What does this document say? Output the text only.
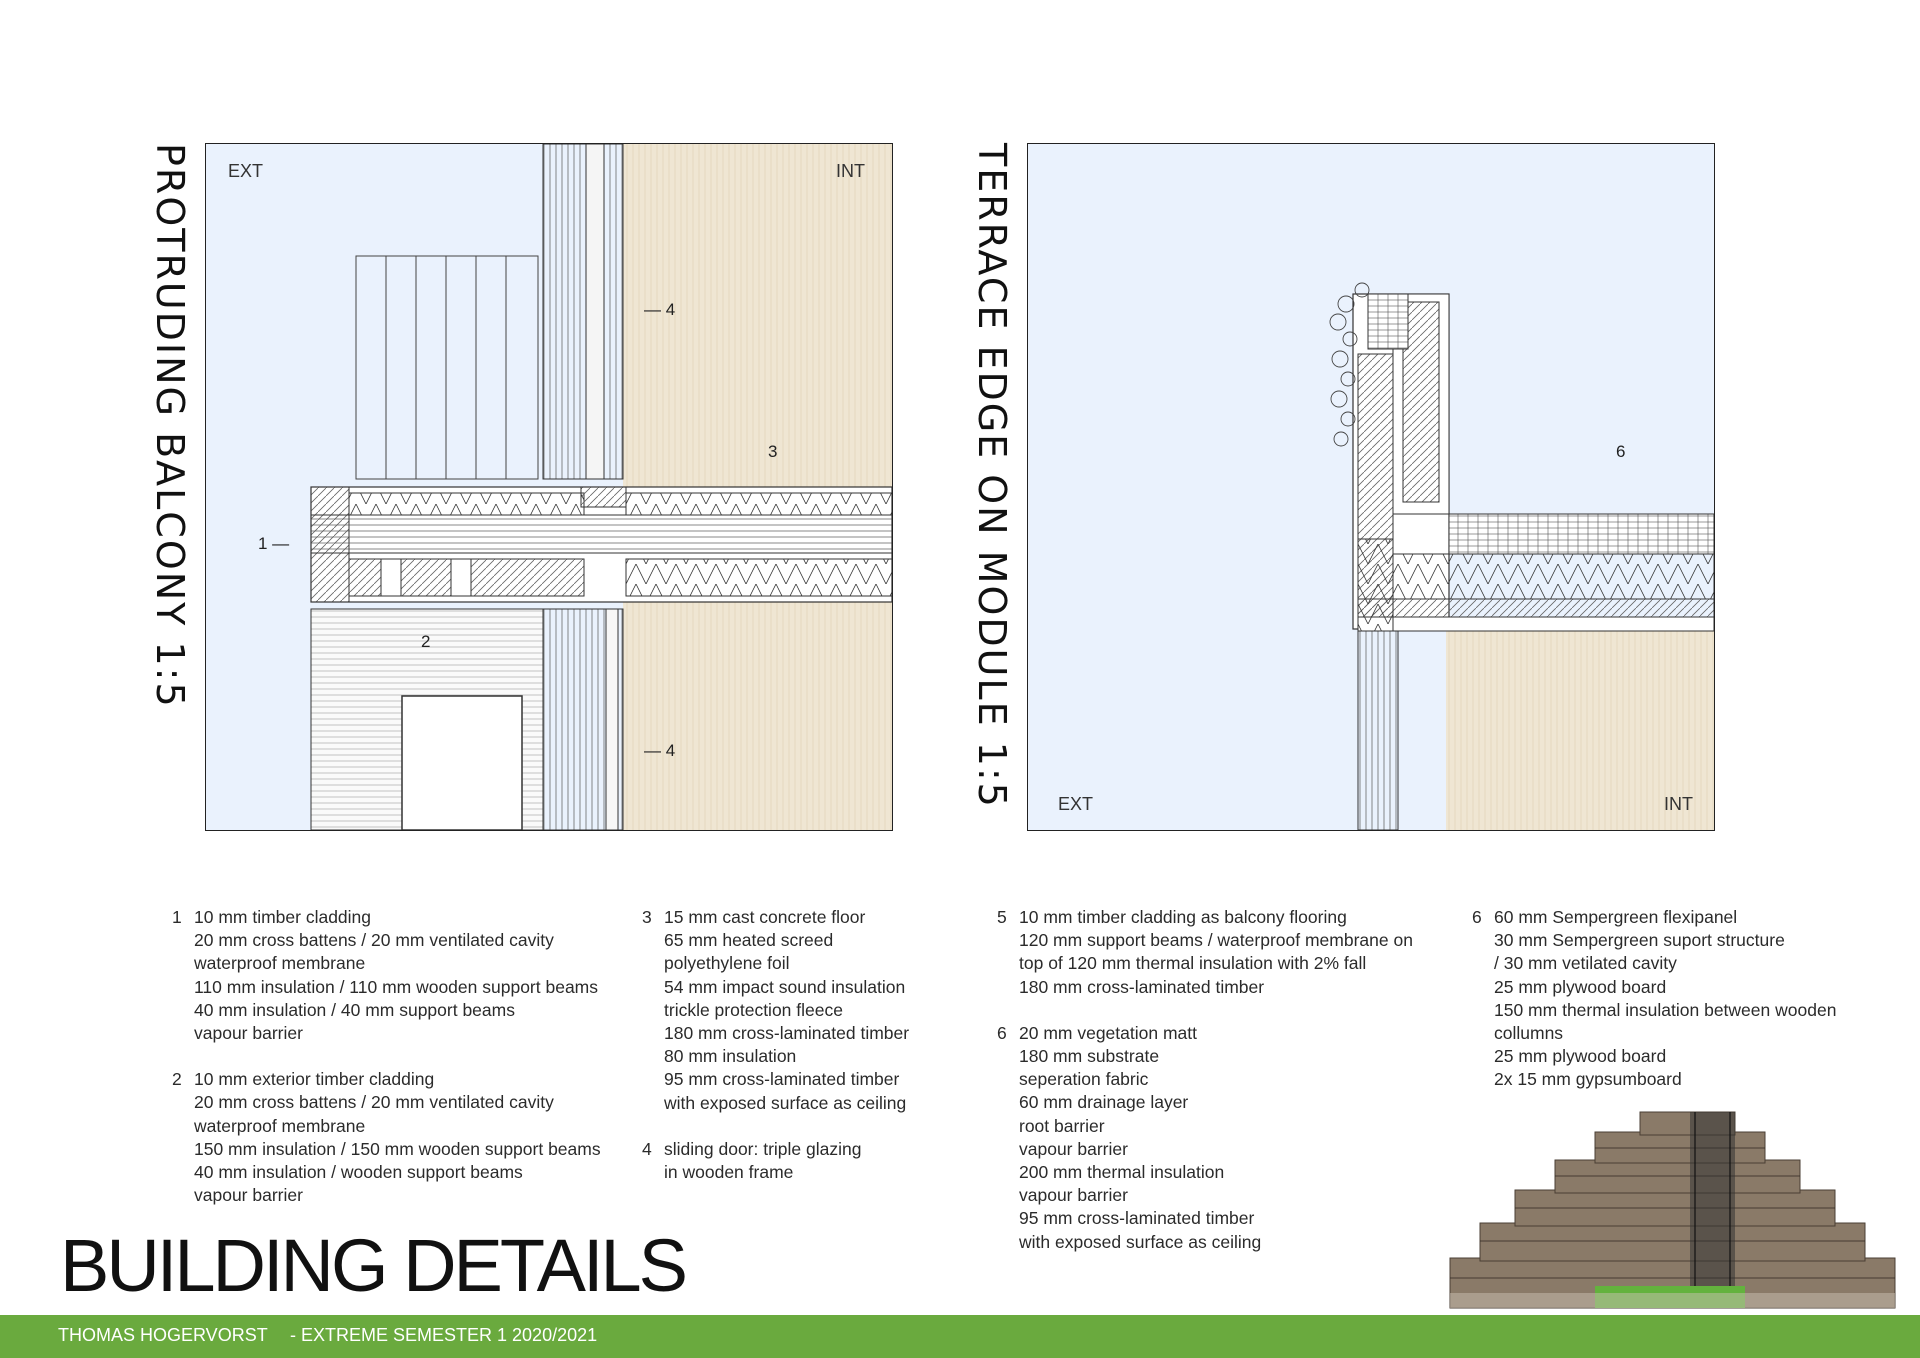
PROTRUDING BALCONY 1:5 EXT	INT
1 —
2
3
— 4
— 4	TERRACE EDGE ON MODULE 1:5 EXT	INT
6
1 10 mm timber cladding
20 mm cross battens / 20 mm ventilated cavity
waterproof membrane
110 mm insulation / 110 mm wooden support beams
40 mm insulation / 40 mm support beams
vapour barrier
2 10 mm exterior timber cladding
20 mm cross battens / 20 mm ventilated cavity
waterproof membrane
150 mm insulation / 150 mm wooden support beams
40 mm insulation / wooden support beams
vapour barrier
3 15 mm cast concrete floor
65 mm heated screed
polyethylene foil
54 mm impact sound insulation
trickle protection fleece
180 mm cross-laminated timber
80 mm insulation
95 mm cross-laminated timber
with exposed surface as ceiling
4 sliding door: triple glazing
in wooden frame
5 10 mm timber cladding as balcony flooring
120 mm support beams / waterproof membrane on
top of 120 mm thermal insulation with 2% fall
180 mm cross-laminated timber
6 20 mm vegetation matt
180 mm substrate
seperation fabric
60 mm drainage layer
root barrier
vapour barrier
200 mm thermal insulation
vapour barrier
95 mm cross-laminated timber
with exposed surface as ceiling
6 60 mm Sempergreen flexipanel
30 mm Sempergreen suport structure
/ 30 mm vetilated cavity
25 mm plywood board
150 mm thermal insulation between wooden
collumns
25 mm plywood board
2x 15 mm gypsumboard
BUILDING DETAILS
THOMAS HOGERVORST - EXTREME SEMESTER 1 2020/2021
